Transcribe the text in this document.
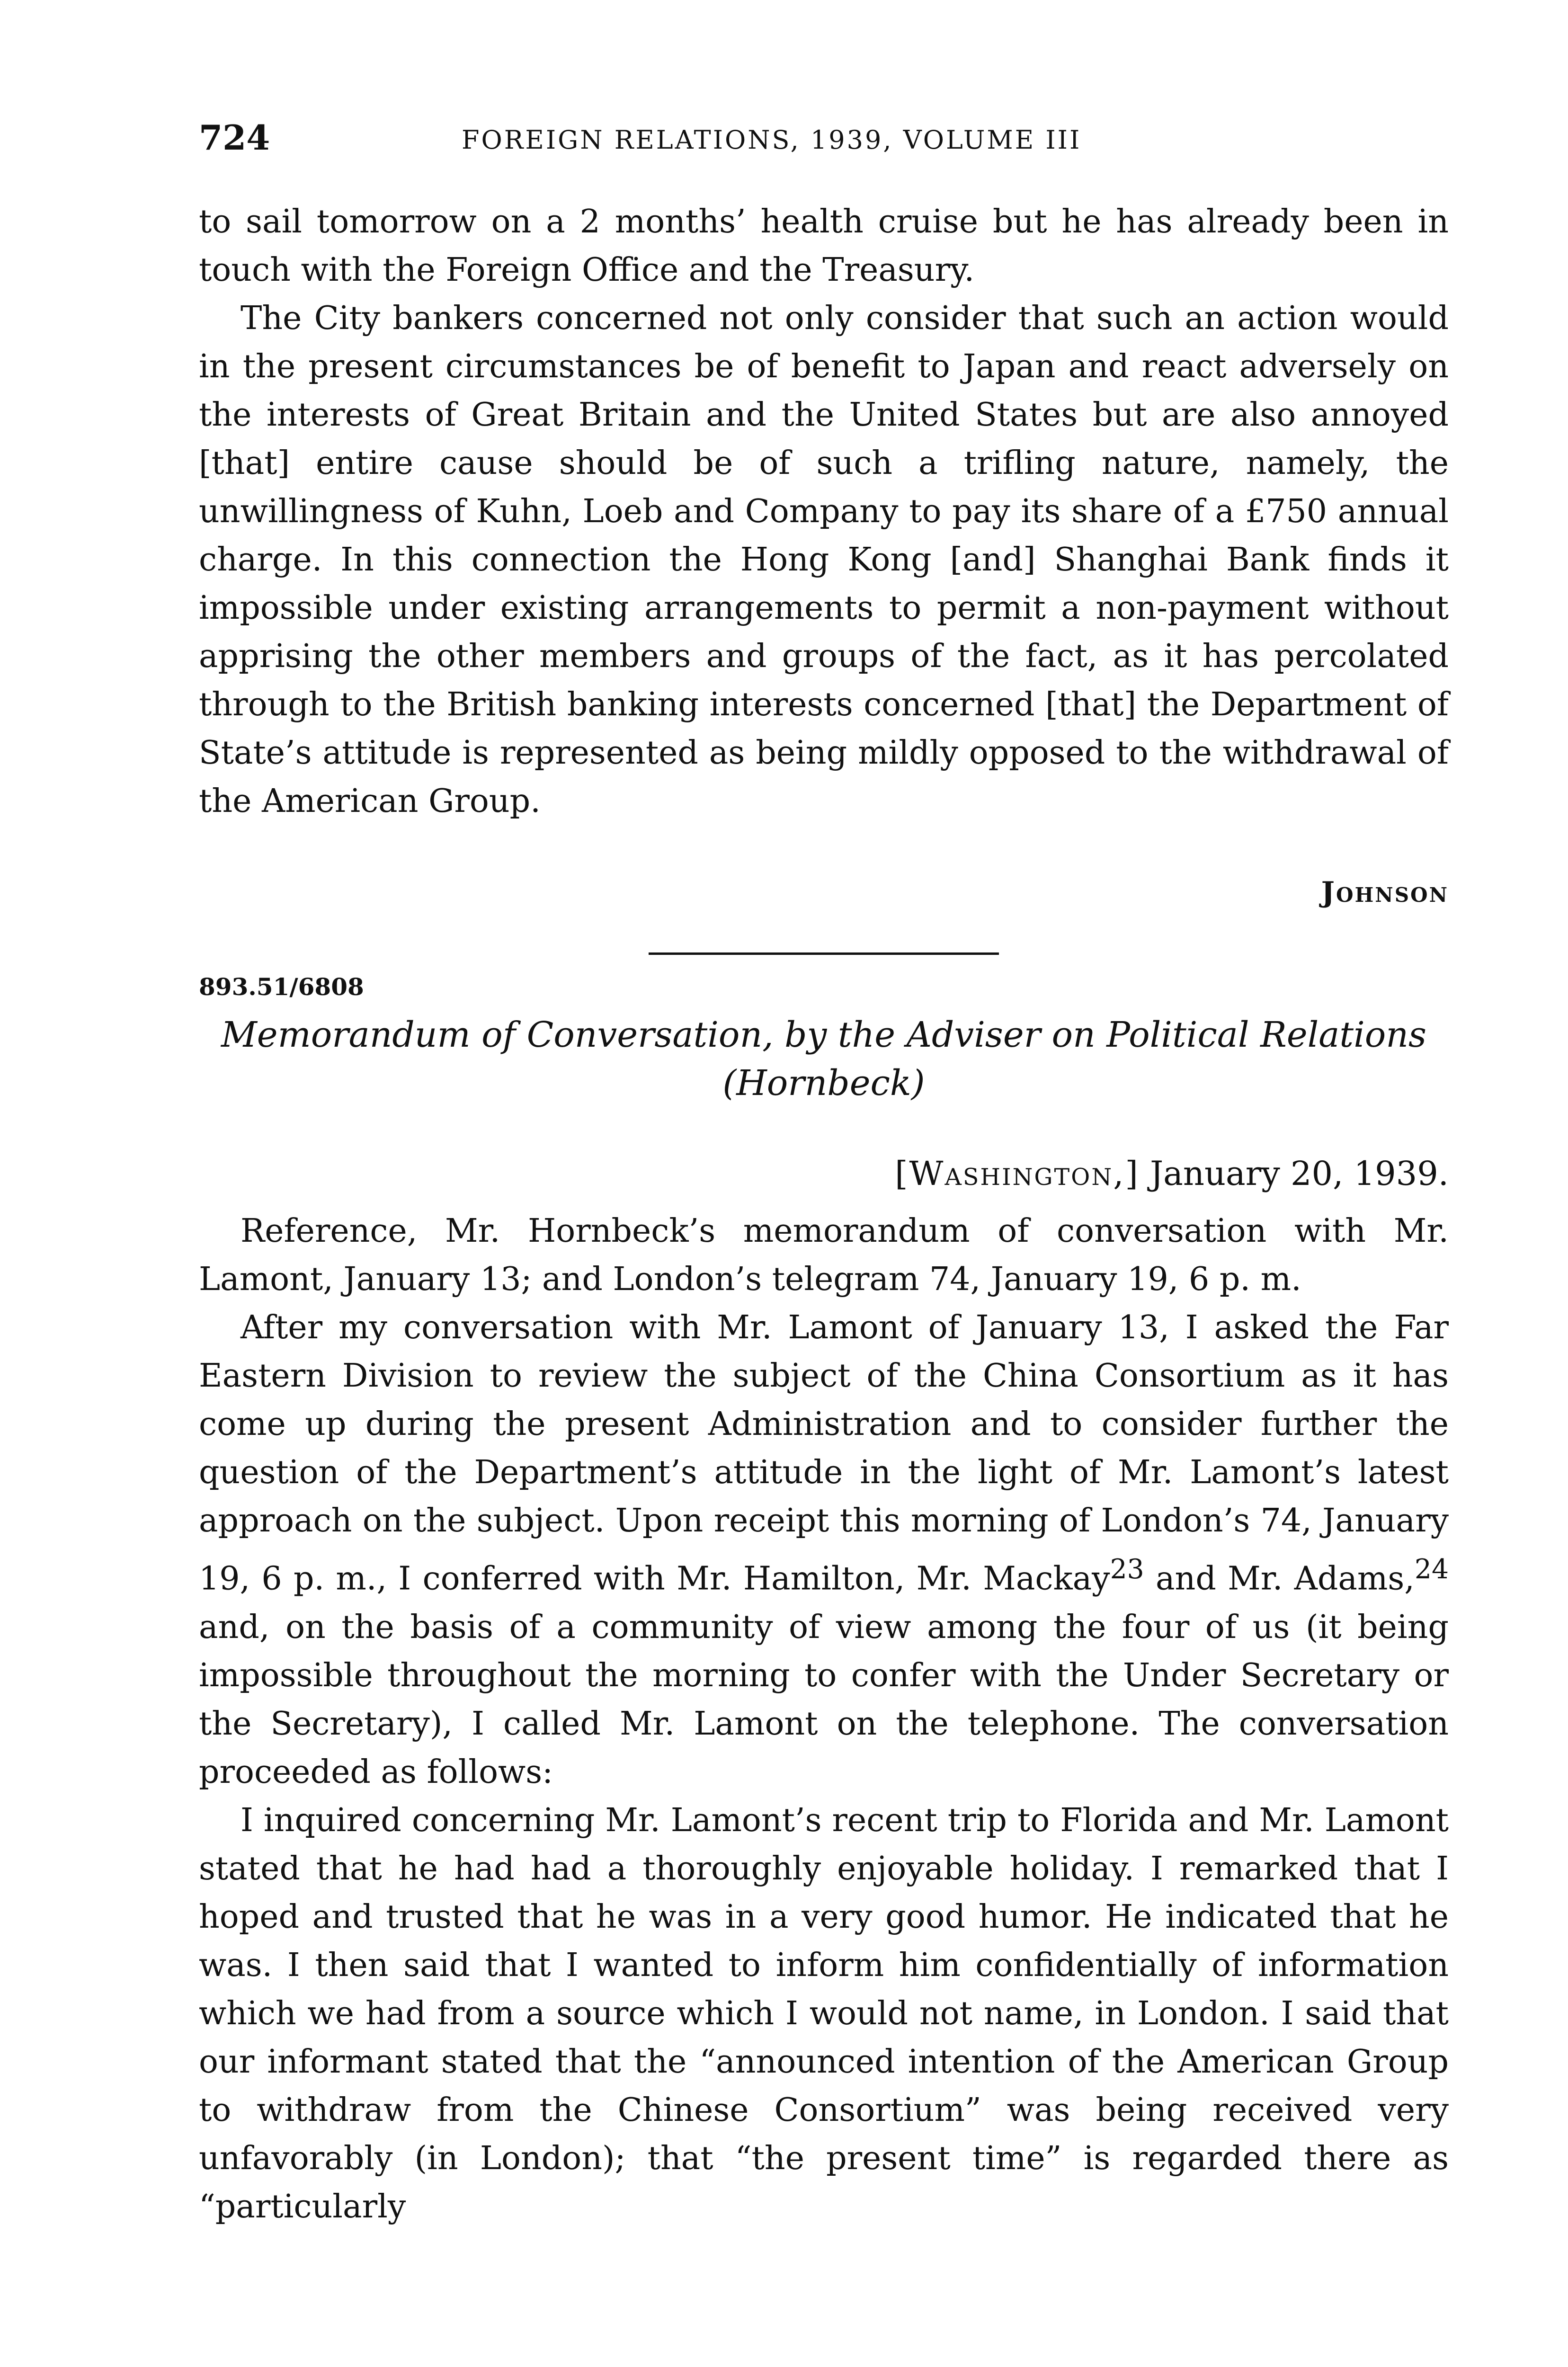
724	FOREIGN RELATIONS, 1939, VOLUME III

to sail tomorrow on a 2 months’ health cruise but he has already been in touch with the Foreign Office and the Treasury.

The City bankers concerned not only consider that such an action would in the present circumstances be of benefit to Japan and react adversely on the interests of Great Britain and the United States but are also annoyed [that] entire cause should be of such a trifling nature, namely, the unwillingness of Kuhn, Loeb and Company to pay its share of a £750 annual charge. In this connection the Hong Kong [and] Shanghai Bank finds it impossible under existing arrangements to permit a non-payment without apprising the other members and groups of the fact, as it has percolated through to the British banking interests concerned [that] the Department of State’s attitude is represented as being mildly opposed to the withdrawal of the American Group.

Johnson
893.51/6808
Memorandum of Conversation, by the Adviser on Political Relations
(Hornbeck)
[Washington,] January 20, 1939.

Reference, Mr. Hornbeck’s memorandum of conversation with Mr. Lamont, January 13; and London’s telegram 74, January 19, 6 p. m.

After my conversation with Mr. Lamont of January 13, I asked the Far Eastern Division to review the subject of the China Consortium as it has come up during the present Administration and to consider further the question of the Department’s attitude in the light of Mr. Lamont’s latest approach on the subject. Upon receipt this morning of London’s 74, January 19, 6 p. m., I conferred with Mr. Hamilton, Mr. Mackay$^{23}$ and Mr. Adams,$^{24}$ and, on the basis of a community of view among the four of us (it being impossible throughout the morning to confer with the Under Secretary or the Secretary), I called Mr. Lamont on the telephone. The conversation proceeded as follows:

I inquired concerning Mr. Lamont’s recent trip to Florida and Mr. Lamont stated that he had had a thoroughly enjoyable holiday. I remarked that I hoped and trusted that he was in a very good humor. He indicated that he was. I then said that I wanted to inform him confidentially of information which we had from a source which I would not name, in London. I said that our informant stated that the “announced intention of the American Group to withdraw from the Chinese Consortium” was being received very unfavorably (in London); that “the present time” is regarded there as “particularly
